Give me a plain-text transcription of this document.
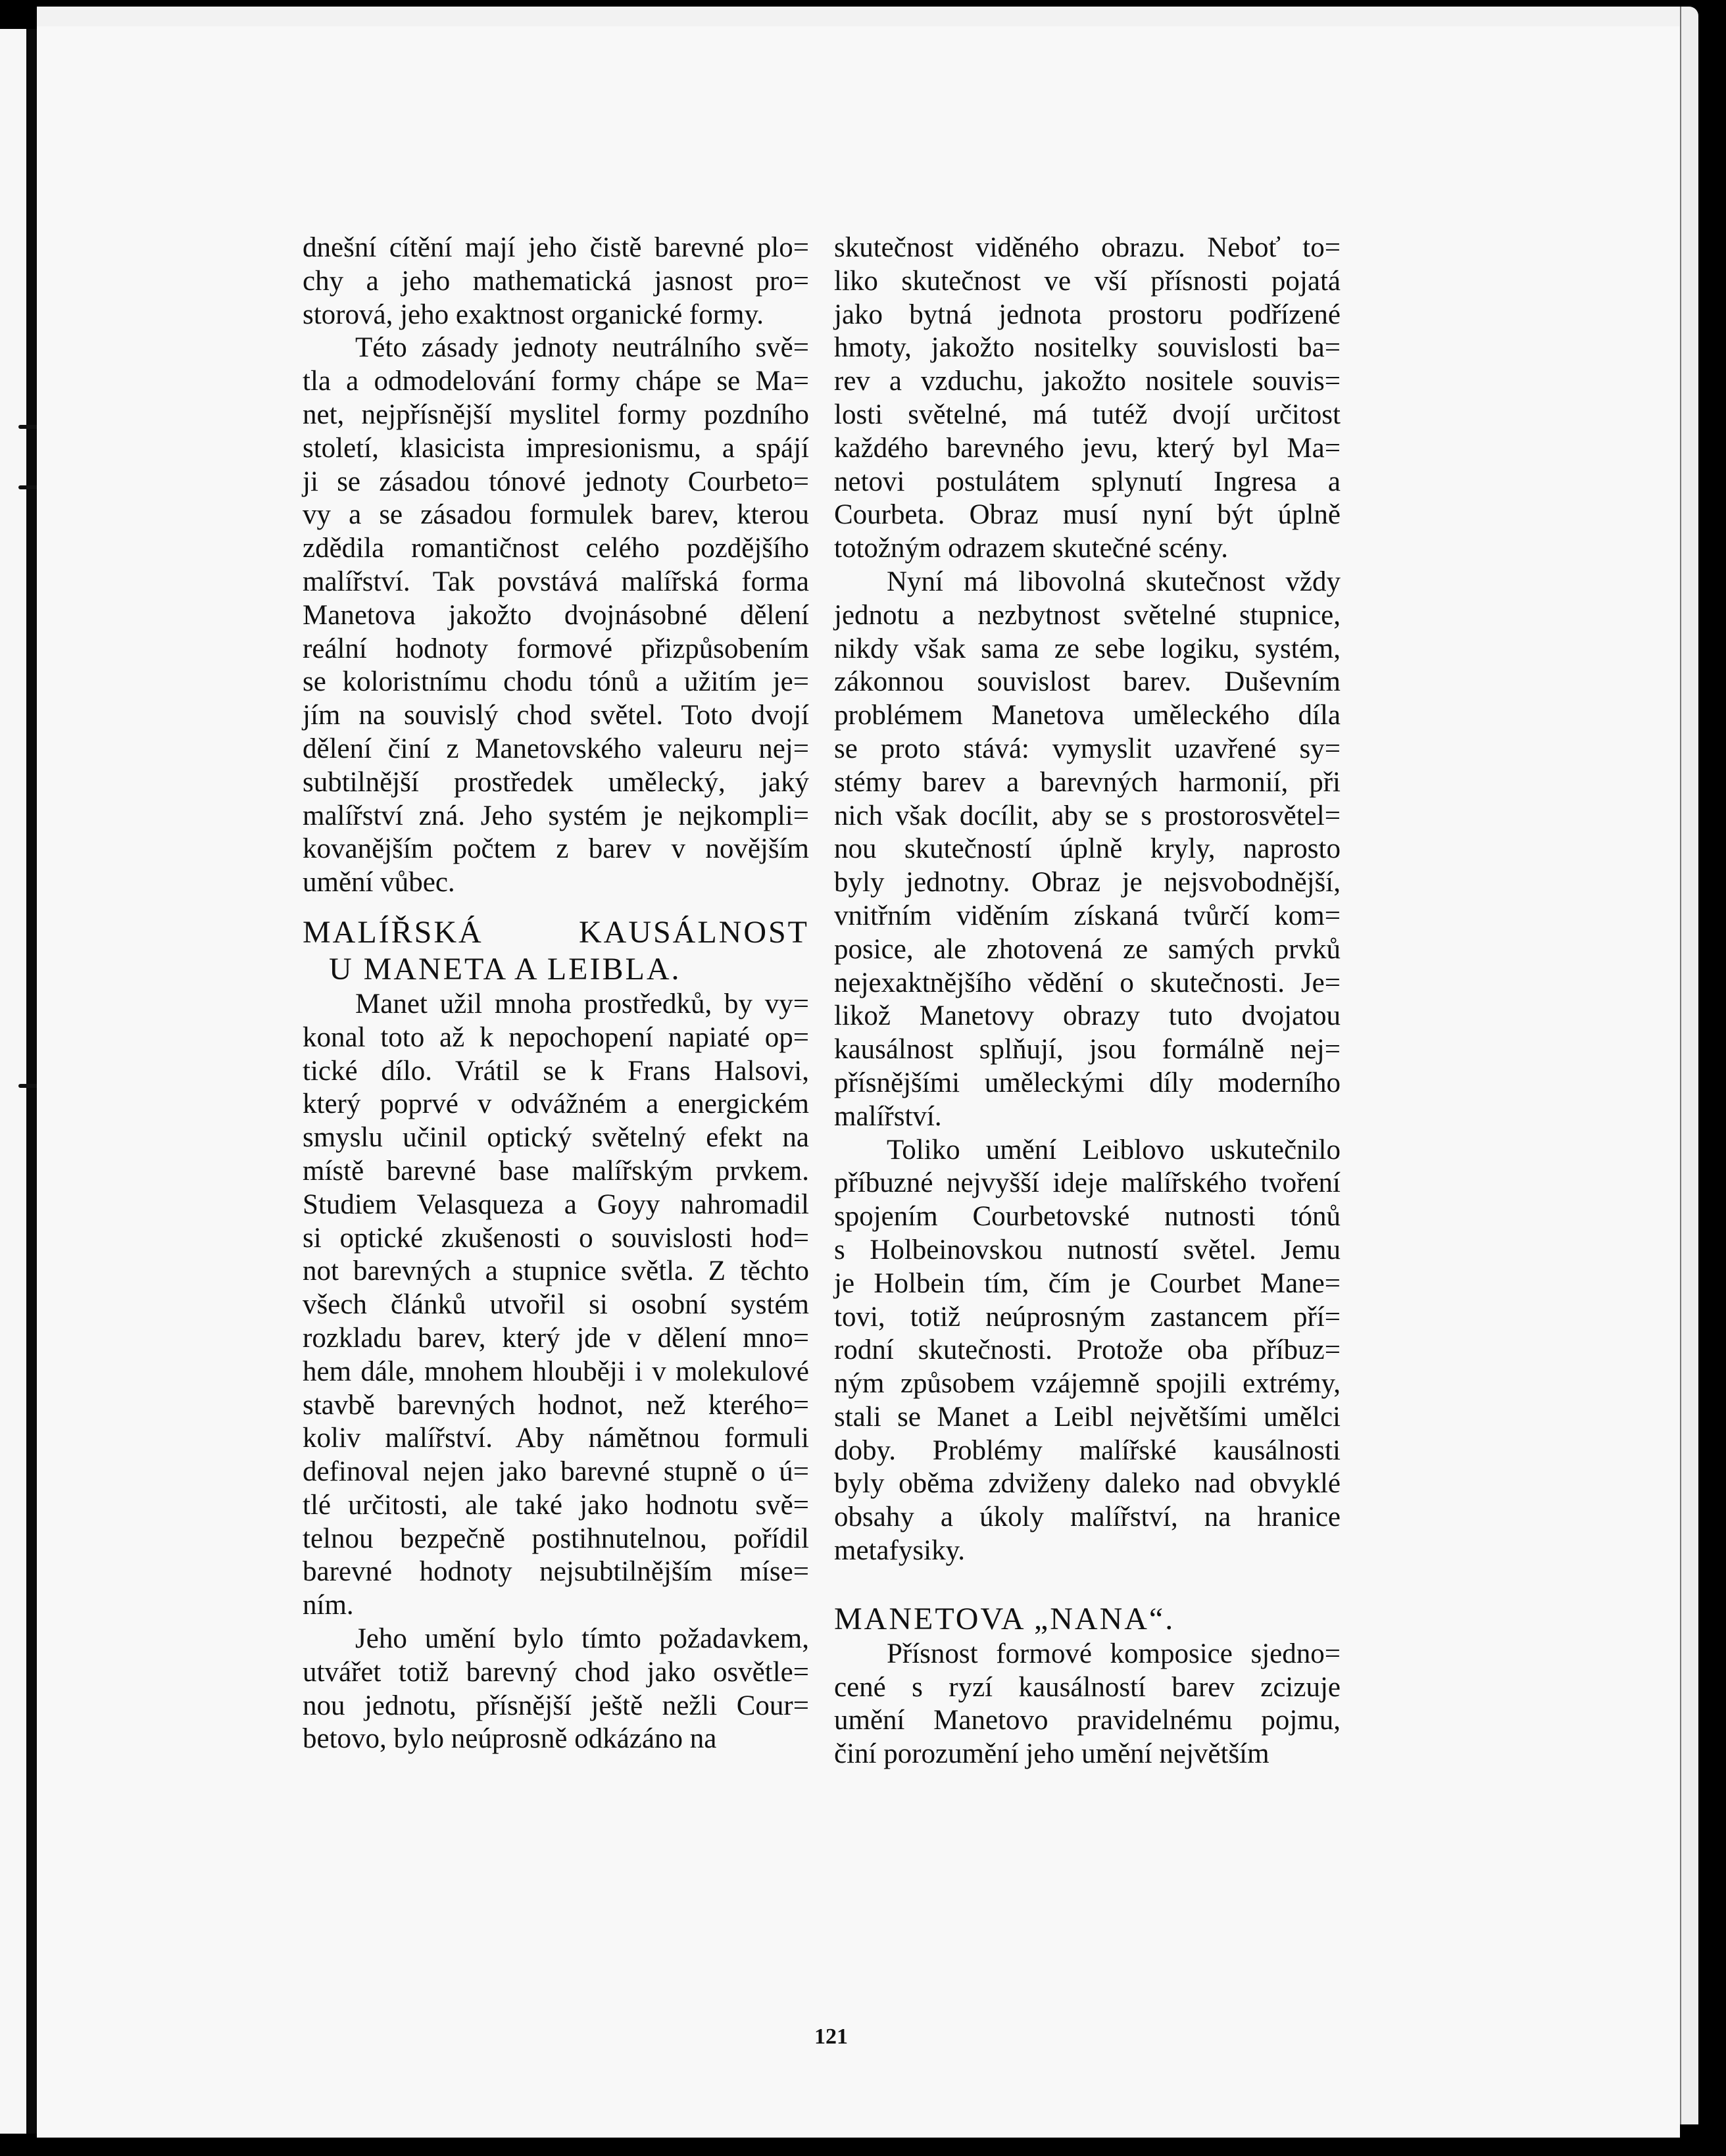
dnešní cítění mají jeho čistě barevné plo=
chy a jeho mathematická jasnost pro=
storová, jeho exaktnost organické formy.
Této zásady jednoty neutrálního svě=
tla a odmodelování formy chápe se Ma=
net, nejpřísnější myslitel formy pozdního
století, klasicista impresionismu, a spájí
ji se zásadou tónové jednoty Courbeto=
vy a se zásadou formulek barev, kterou
zdědila romantičnost celého pozdějšího
malířství. Tak povstává malířská forma
Manetova jakožto dvojnásobné dělení
reální hodnoty formové přizpůsobením
se koloristnímu chodu tónů a užitím je=
jím na souvislý chod světel. Toto dvojí
dělení činí z Manetovského valeuru nej=
subtilnější prostředek umělecký, jaký
malířství zná. Jeho systém je nejkompli=
kovanějším počtem z barev v novějším
umění vůbec.
MALÍŘSKÁ KAUSÁLNOST
U MANETA A LEIBLA.
Manet užil mnoha prostředků, by vy=
konal toto až k nepochopení napiaté op=
tické dílo. Vrátil se k Frans Halsovi,
který poprvé v odvážném a energickém
smyslu učinil optický světelný efekt na
místě barevné base malířským prvkem.
Studiem Velasqueza a Goyy nahromadil
si optické zkušenosti o souvislosti hod=
not barevných a stupnice světla. Z těchto
všech článků utvořil si osobní systém
rozkladu barev, který jde v dělení mno=
hem dále, mnohem hlouběji i v molekulové
stavbě barevných hodnot, než kteréhо=
koliv malířství. Aby námětnou formuli
definoval nejen jako barevné stupně o ú=
tlé určitosti, ale také jako hodnotu svě=
telnou bezpečně postihnutelnou, pořídil
barevné hodnoty nejsubtilnějším míse=
ním.
Jeho umění bylo tímto požadavkem,
utvářet totiž barevný chod jako osvětle=
nou jednotu, přísnější ještě nežli Cour=
betovo, bylo neúprosně odkázáno na
skutečnost viděného obrazu. Neboť to=
liko skutečnost ve vší přísnosti pojatá
jako bytná jednota prostoru podřízené
hmoty, jakožto nositelky souvislosti ba=
rev a vzduchu, jakožto nositele souvis=
losti světelné, má tutéž dvojí určitost
každého barevného jevu, který byl Ma=
netovi postulátem splynutí Ingresa a
Courbeta. Obraz musí nyní být úplně
totožným odrazem skutečné scény.
Nyní má libovolná skutečnost vždy
jednotu a nezbytnost světelné stupnice,
nikdy však sama ze sebe logiku, systém,
zákonnou souvislost barev. Duševním
problémem Manetova uměleckého díla
se proto stává: vymyslit uzavřené sy=
stémy barev a barevných harmonií, při
nich však docílit, aby se s prostorosvětel=
nou skutečností úplně kryly, naprosto
byly jednotny. Obraz je nejsvobodnější,
vnitřním viděním získaná tvůrčí kom=
posice, ale zhotovená ze samých prvků
nejexaktnějšího vědění o skutečnosti. Je=
likož Manetovy obrazy tuto dvojatou
kausálnost splňují, jsou formálně nej=
přísnějšími uměleckými díly moderního
malířství.
Toliko umění Leiblovo uskutečnilo
příbuzné nejvyšší ideje malířského tvoření
spojením Courbetovské nutnosti tónů
s Holbeinovskou nutností světel. Jemu
je Holbein tím, čím je Courbet Mane=
tovi, totiž neúprosným zastancem pří=
rodní skutečnosti. Protože oba příbuz=
ným způsobem vzájemně spojili extrémy,
stali se Manet a Leibl největšími umělci
doby. Problémy malířské kausálnosti
byly oběma zdviženy daleko nad obvyklé
obsahy a úkoly malířství, na hranice
metafysiky.
MANETOVA „NANA“.
Přísnost formové komposice sjedno=
cené s ryzí kausálností barev zcizuje
umění Manetovo pravidelnému pojmu,
činí porozumění jeho umění největším
121
